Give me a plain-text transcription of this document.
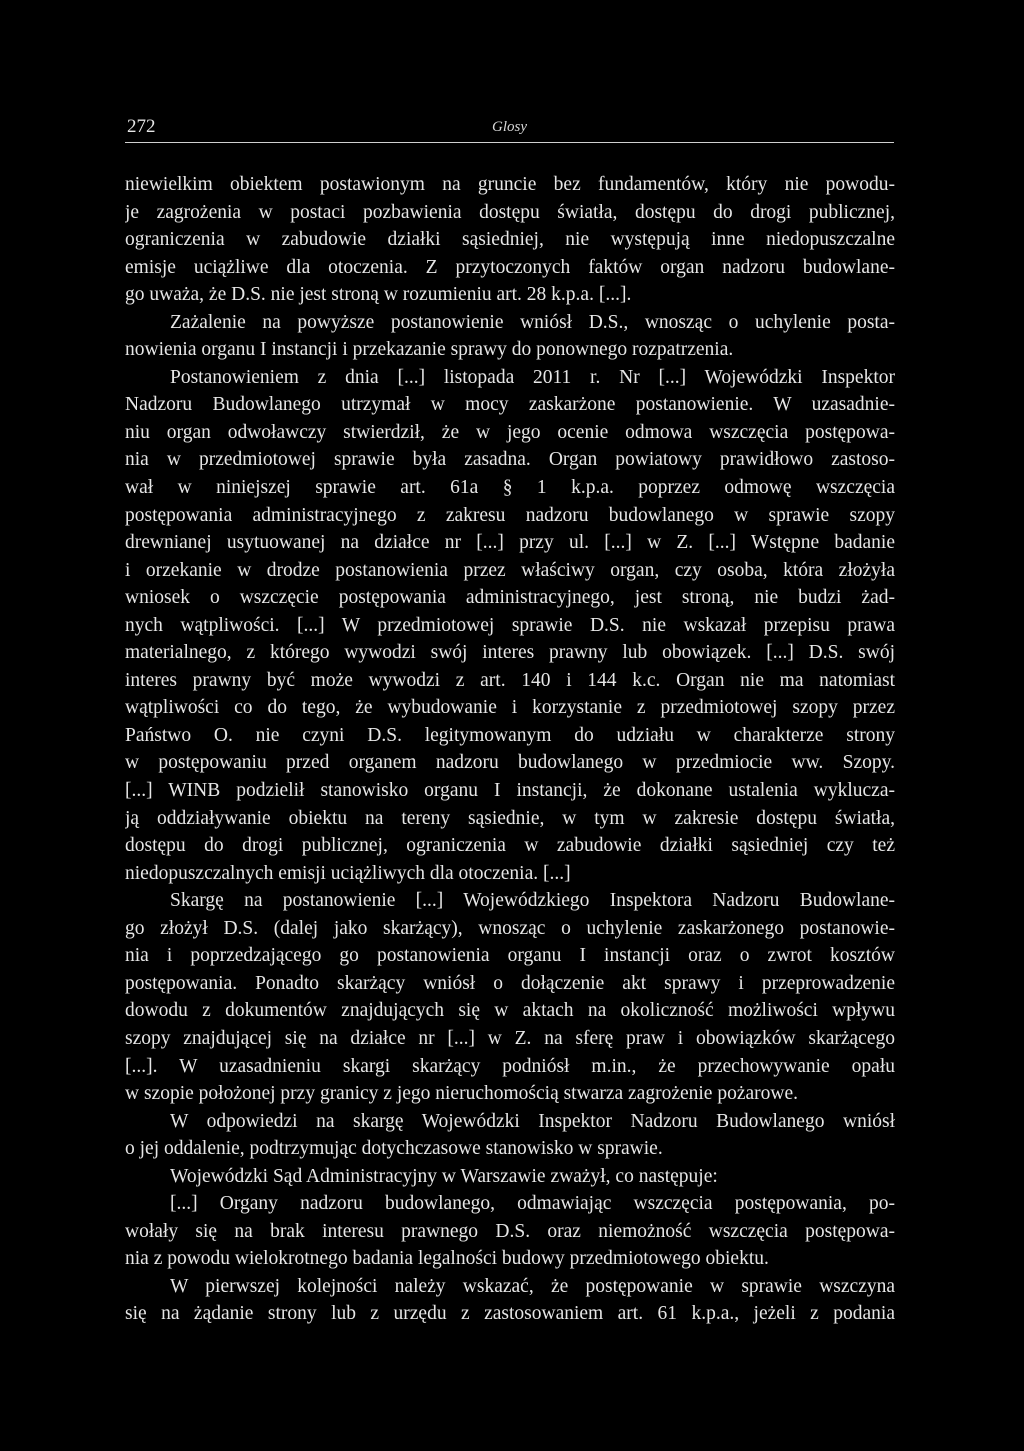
272	Glosy
niewielkim obiektem postawionym na gruncie bez fundamentów, który nie powodu-
je zagrożenia w postaci pozbawienia dostępu światła, dostępu do drogi publicznej,
ograniczenia w zabudowie działki sąsiedniej, nie występują inne niedopuszczalne
emisje uciążliwe dla otoczenia. Z przytoczonych faktów organ nadzoru budowlane-
go uważa, że D.S. nie jest stroną w rozumieniu art. 28 k.p.a. [...].
Zażalenie na powyższe postanowienie wniósł D.S., wnosząc o uchylenie posta-
nowienia organu I instancji i przekazanie sprawy do ponownego rozpatrzenia.
Postanowieniem z dnia [...] listopada 2011 r. Nr [...] Wojewódzki Inspektor
Nadzoru Budowlanego utrzymał w mocy zaskarżone postanowienie. W uzasadnie-
niu organ odwoławczy stwierdził, że w jego ocenie odmowa wszczęcia postępowa-
nia w przedmiotowej sprawie była zasadna. Organ powiatowy prawidłowo zastoso-
wał w niniejszej sprawie art. 61a § 1 k.p.a. poprzez odmowę wszczęcia
postępowania administracyjnego z zakresu nadzoru budowlanego w sprawie szopy
drewnianej usytuowanej na działce nr [...] przy ul. [...] w Z. [...] Wstępne badanie
i orzekanie w drodze postanowienia przez właściwy organ, czy osoba, która złożyła
wniosek o wszczęcie postępowania administracyjnego, jest stroną, nie budzi żad-
nych wątpliwości. [...] W przedmiotowej sprawie D.S. nie wskazał przepisu prawa
materialnego, z którego wywodzi swój interes prawny lub obowiązek. [...] D.S. swój
interes prawny być może wywodzi z art. 140 i 144 k.c. Organ nie ma natomiast
wątpliwości co do tego, że wybudowanie i korzystanie z przedmiotowej szopy przez
Państwo O. nie czyni D.S. legitymowanym do udziału w charakterze strony
w postępowaniu przed organem nadzoru budowlanego w przedmiocie ww. Szopy.
[...] WINB podzielił stanowisko organu I instancji, że dokonane ustalenia wyklucza-
ją oddziaływanie obiektu na tereny sąsiednie, w tym w zakresie dostępu światła,
dostępu do drogi publicznej, ograniczenia w zabudowie działki sąsiedniej czy też
niedopuszczalnych emisji uciążliwych dla otoczenia. [...]
Skargę na postanowienie [...] Wojewódzkiego Inspektora Nadzoru Budowlane-
go złożył D.S. (dalej jako skarżący), wnosząc o uchylenie zaskarżonego postanowie-
nia i poprzedzającego go postanowienia organu I instancji oraz o zwrot kosztów
postępowania. Ponadto skarżący wniósł o dołączenie akt sprawy i przeprowadzenie
dowodu z dokumentów znajdujących się w aktach na okoliczność możliwości wpływu
szopy znajdującej się na działce nr [...] w Z. na sferę praw i obowiązków skarżącego
[...]. W uzasadnieniu skargi skarżący podniósł m.in., że przechowywanie opału
w szopie położonej przy granicy z jego nieruchomością stwarza zagrożenie pożarowe.
W odpowiedzi na skargę Wojewódzki Inspektor Nadzoru Budowlanego wniósł
o jej oddalenie, podtrzymując dotychczasowe stanowisko w sprawie.
Wojewódzki Sąd Administracyjny w Warszawie zważył, co następuje:
[...] Organy nadzoru budowlanego, odmawiając wszczęcia postępowania, po-
wołały się na brak interesu prawnego D.S. oraz niemożność wszczęcia postępowa-
nia z powodu wielokrotnego badania legalności budowy przedmiotowego obiektu.
W pierwszej kolejności należy wskazać, że postępowanie w sprawie wszczyna
się na żądanie strony lub z urzędu z zastosowaniem art. 61 k.p.a., jeżeli z podania
